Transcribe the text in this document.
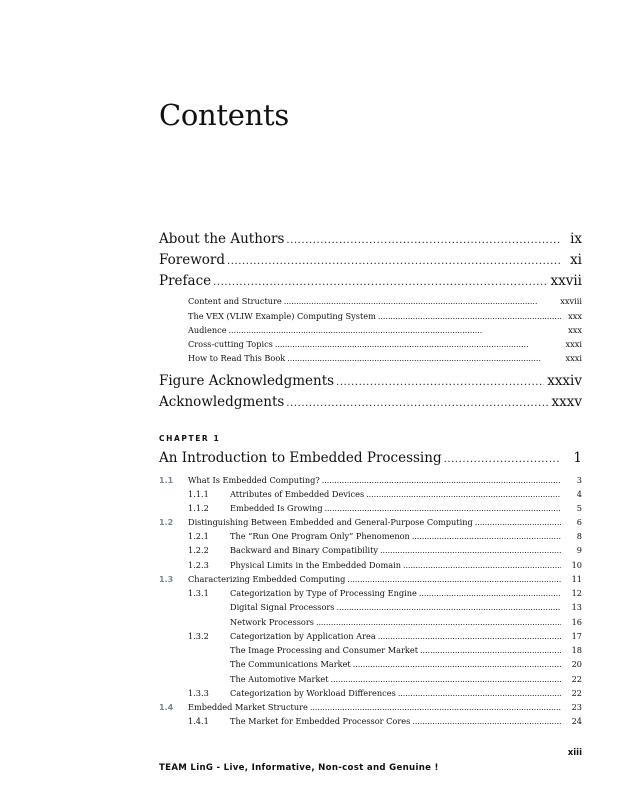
Contents
About the Authors . . .	ix
Foreword . . .	xi
Preface . . .	xxvii
Content and Structure . . .	xxviii
The VEX (VLIW Example) Computing System . . .	xxx
Audience . . .	xxx
Cross-cutting Topics . . .	xxxi
How to Read This Book . . .	xxxi
Figure Acknowledgments . . .	xxxiv
Acknowledgments . . .	xxxv
CHAPTER 1
An Introduction to Embedded Processing . . .	1
1.1	What Is Embedded Computing? . . .	3
1.1.1	Attributes of Embedded Devices . . .	4
1.1.2	Embedded Is Growing . . .	5
1.2	Distinguishing Between Embedded and General-Purpose Computing . . .	6
1.2.1	The “Run One Program Only” Phenomenon . . .	8
1.2.2	Backward and Binary Compatibility . . .	9
1.2.3	Physical Limits in the Embedded Domain . . .	10
1.3	Characterizing Embedded Computing . . .	11
1.3.1	Categorization by Type of Processing Engine . . .	12
Digital Signal Processors . . .	13
Network Processors . . .	16
1.3.2	Categorization by Application Area . . .	17
The Image Processing and Consumer Market . . .	18
The Communications Market . . .	20
The Automotive Market . . .	22
1.3.3	Categorization by Workload Differences . . .	22
1.4	Embedded Market Structure . . .	23
1.4.1	The Market for Embedded Processor Cores . . .	24
xiii
TEAM LinG - Live, Informative, Non-cost and Genuine !
